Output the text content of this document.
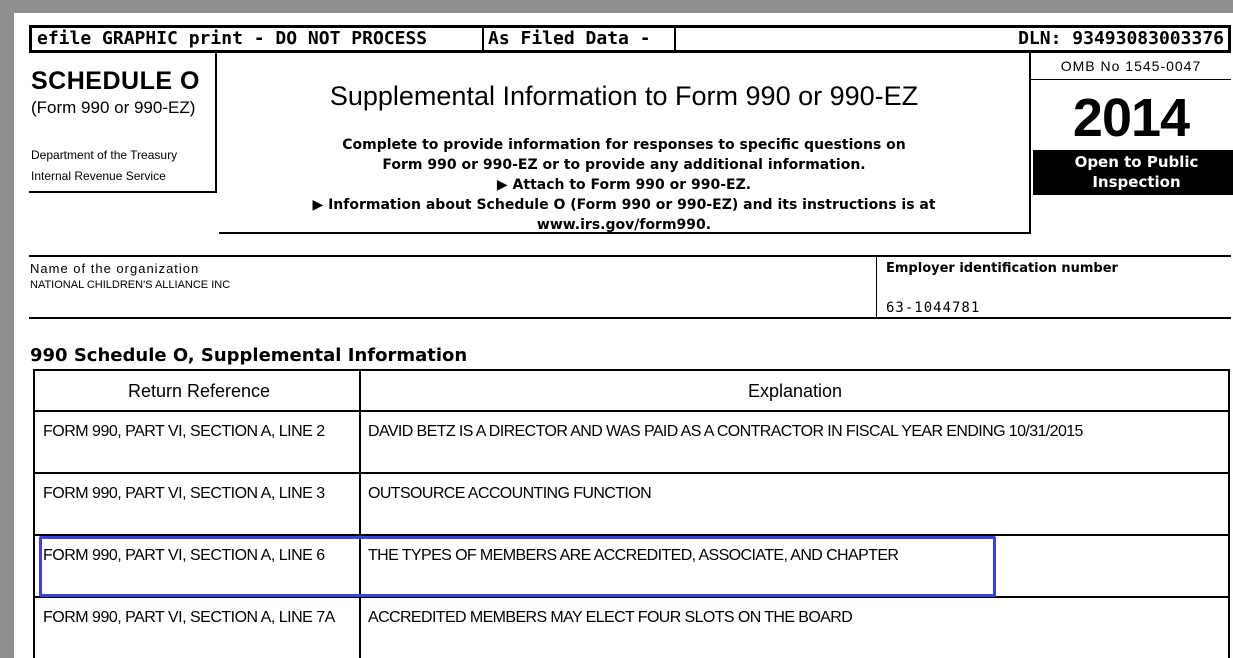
efile GRAPHIC print - DO NOT PROCESS	As Filed Data -	DLN: 93493083003376
SCHEDULE O
(Form 990 or 990-EZ)
Department of the Treasury
Internal Revenue Service
Supplemental Information to Form 990 or 990-EZ
Complete to provide information for responses to specific questions on
Form 990 or 990-EZ or to provide any additional information.
▶ Attach to Form 990 or 990-EZ.
▶ Information about Schedule O (Form 990 or 990-EZ) and its instructions is at
www.irs.gov/form990.
OMB No 1545-0047
2014
Open to Public
Inspection
Name of the organization
NATIONAL CHILDREN'S ALLIANCE INC
Employer identification number
63-1044781
990 Schedule O, Supplemental Information
Return Reference	Explanation
FORM 990, PART VI, SECTION A, LINE 2	DAVID BETZ IS A DIRECTOR AND WAS PAID AS A CONTRACTOR IN FISCAL YEAR ENDING 10/31/2015
FORM 990, PART VI, SECTION A, LINE 3	OUTSOURCE ACCOUNTING FUNCTION
FORM 990, PART VI, SECTION A, LINE 6	THE TYPES OF MEMBERS ARE ACCREDITED, ASSOCIATE, AND CHAPTER
FORM 990, PART VI, SECTION A, LINE 7A	ACCREDITED MEMBERS MAY ELECT FOUR SLOTS ON THE BOARD
